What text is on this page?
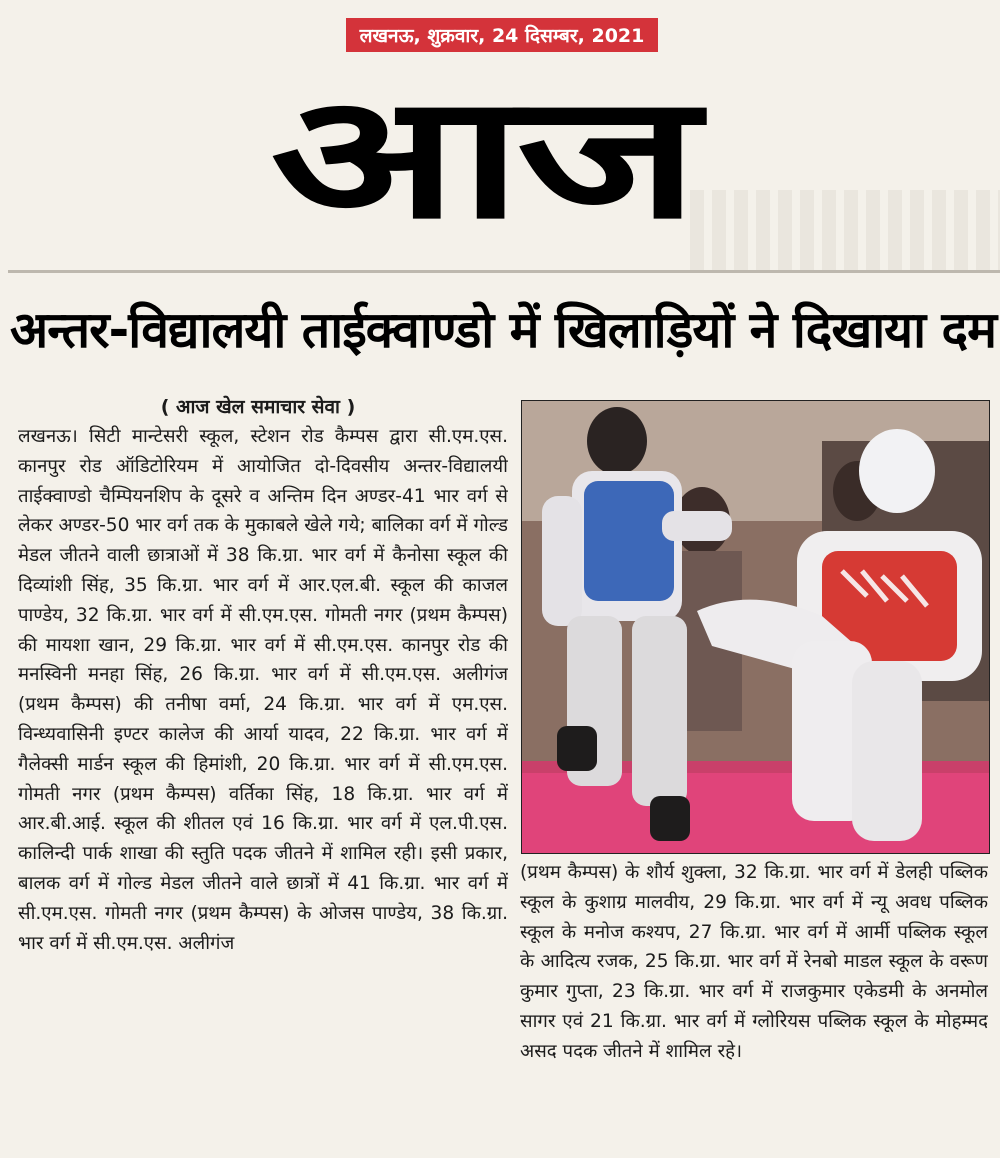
लखनऊ, शुक्रवार, 24 दिसम्बर, 2021
आज
अन्तर-विद्यालयी ताईक्वाण्डो में खिलाड़ियों ने दिखाया दम
( आज खेल समाचार सेवा )
लखनऊ। सिटी मान्टेसरी स्कूल, स्टेशन रोड कैम्पस द्वारा सी.एम.एस. कानपुर रोड ऑडिटोरियम में आयोजित दो-दिवसीय अन्तर-विद्यालयी ताईक्वाण्डो चैम्पियनशिप के दूसरे व अन्तिम दिन अण्डर-41 भार वर्ग से लेकर अण्डर-50 भार वर्ग तक के मुकाबले खेले गये; बालिका वर्ग में गोल्ड मेडल जीतने वाली छात्राओं में 38 कि.ग्रा. भार वर्ग में कैनोसा स्कूल की दिव्यांशी सिंह, 35 कि.ग्रा. भार वर्ग में आर.एल.बी. स्कूल की काजल पाण्डेय, 32 कि.ग्रा. भार वर्ग में सी.एम.एस. गोमती नगर (प्रथम कैम्पस) की मायशा खान, 29 कि.ग्रा. भार वर्ग में सी.एम.एस. कानपुर रोड की मनस्विनी मनहा सिंह, 26 कि.ग्रा. भार वर्ग में सी.एम.एस. अलीगंज (प्रथम कैम्पस) की तनीषा वर्मा, 24 कि.ग्रा. भार वर्ग में एम.एस. विन्ध्यवासिनी इण्टर कालेज की आर्या यादव, 22 कि.ग्रा. भार वर्ग में गैलेक्सी मार्डन स्कूल की हिमांशी, 20 कि.ग्रा. भार वर्ग में सी.एम.एस. गोमती नगर (प्रथम कैम्पस) वर्तिका सिंह, 18 कि.ग्रा. भार वर्ग में आर.बी.आई. स्कूल की शीतल एवं 16 कि.ग्रा. भार वर्ग में एल.पी.एस. कालिन्दी पार्क शाखा की स्तुति पदक जीतने में शामिल रही। इसी प्रकार, बालक वर्ग में गोल्ड मेडल जीतने वाले छात्रों में 41 कि.ग्रा. भार वर्ग में सी.एम.एस. गोमती नगर (प्रथम कैम्पस) के ओजस पाण्डेय, 38 कि.ग्रा. भार वर्ग में सी.एम.एस. अलीगंज
(प्रथम कैम्पस) के शौर्य शुक्ला, 32 कि.ग्रा. भार वर्ग में डेलही पब्लिक स्कूल के कुशाग्र मालवीय, 29 कि.ग्रा. भार वर्ग में न्यू अवध पब्लिक स्कूल के मनोज कश्यप, 27 कि.ग्रा. भार वर्ग में आर्मी पब्लिक स्कूल के आदित्य रजक, 25 कि.ग्रा. भार वर्ग में रेनबो माडल स्कूल के वरूण कुमार गुप्ता, 23 कि.ग्रा. भार वर्ग में राजकुमार एकेडमी के अनमोल सागर एवं 21 कि.ग्रा. भार वर्ग में ग्लोरियस पब्लिक स्कूल के मोहम्मद असद पदक जीतने में शामिल रहे।
